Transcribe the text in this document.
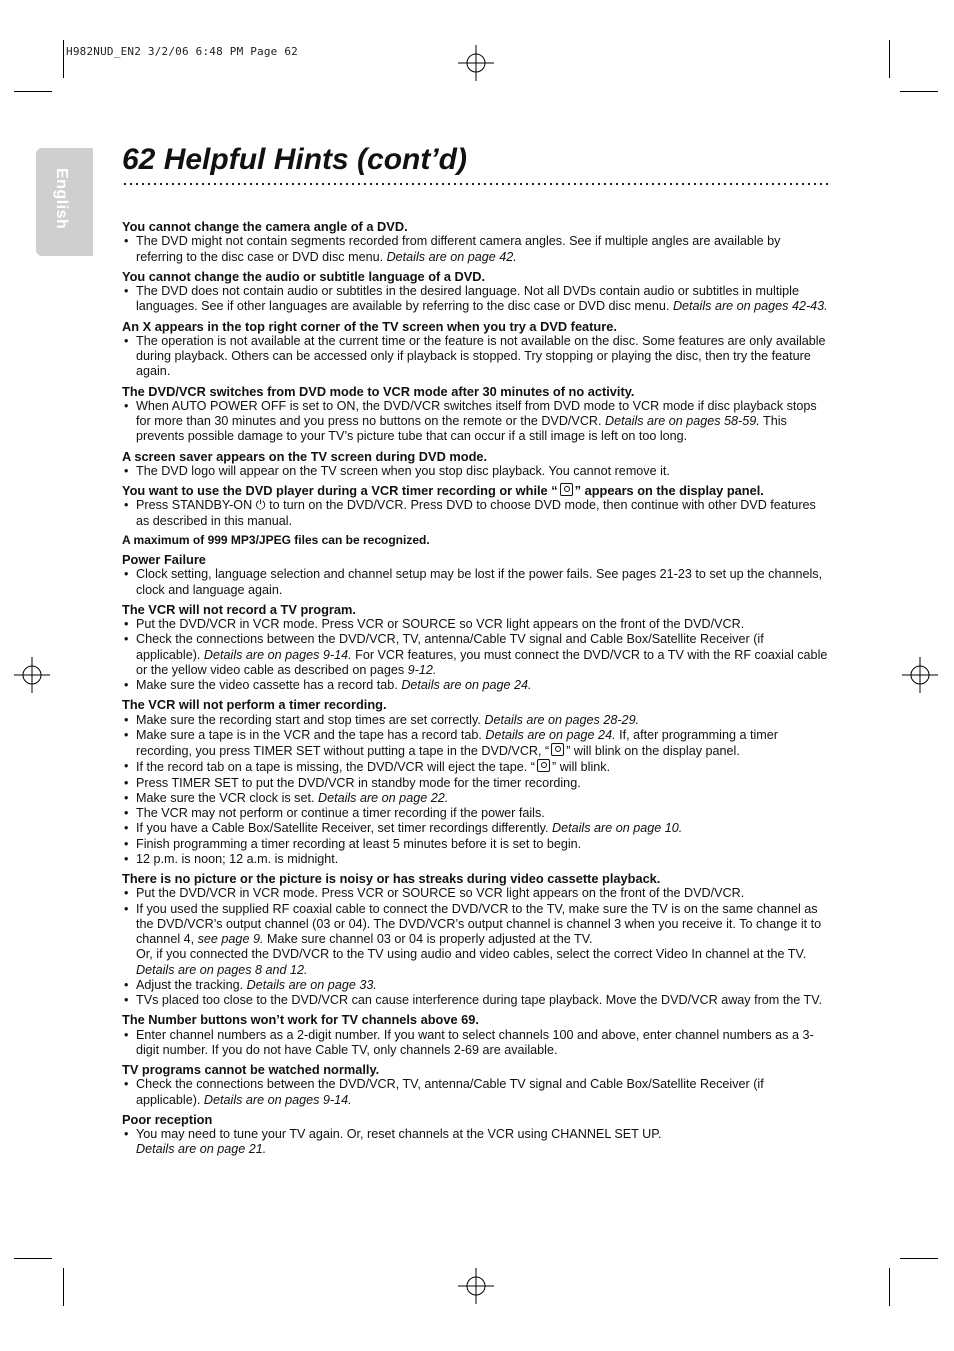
H982NUD_EN2 3/2/06 6:48 PM Page 62
English
62 Helpful Hints (cont’d)

You cannot change the camera angle of a DVD.

• The DVD might not contain segments recorded from different camera angles. See if multiple angles are available by referring to the disc case or DVD disc menu. Details are on page 42.

You cannot change the audio or subtitle language of a DVD.

• The DVD does not contain audio or subtitles in the desired language. Not all DVDs contain audio or subtitles in multiple languages. See if other languages are available by referring to the disc case or DVD disc menu. Details are on pages 42-43.

An X appears in the top right corner of the TV screen when you try a DVD feature.

• The operation is not available at the current time or the feature is not available on the disc. Some features are only available during playback. Others can be accessed only if playback is stopped. Try stopping or playing the disc, then try the feature again.

The DVD/VCR switches from DVD mode to VCR mode after 30 minutes of no activity.

• When AUTO POWER OFF is set to ON, the DVD/VCR switches itself from DVD mode to VCR mode if disc playback stops for more than 30 minutes and you press no buttons on the remote or the DVD/VCR. Details are on pages 58-59. This prevents possible damage to your TV’s picture tube that can occur if a still image is left on too long.

A screen saver appears on the TV screen during DVD mode.

• The DVD logo will appear on the TV screen when you stop disc playback. You cannot remove it.

You want to use the DVD player during a VCR timer recording or while “ ” appears on the display panel.

• Press STANDBY-ON ⏻ to turn on the DVD/VCR. Press DVD to choose DVD mode, then continue with other DVD features as described in this manual.

A maximum of 999 MP3/JPEG files can be recognized.

Power Failure

• Clock setting, language selection and channel setup may be lost if the power fails. See pages 21-23 to set up the channels, clock and language again.

The VCR will not record a TV program.

• Put the DVD/VCR in VCR mode. Press VCR or SOURCE so VCR light appears on the front of the DVD/VCR.
• Check the connections between the DVD/VCR, TV, antenna/Cable TV signal and Cable Box/Satellite Receiver (if applicable). Details are on pages 9-14. For VCR features, you must connect the DVD/VCR to a TV with the RF coaxial cable or the yellow video cable as described on pages 9-12.
• Make sure the video cassette has a record tab. Details are on page 24.

The VCR will not perform a timer recording.

• Make sure the recording start and stop times are set correctly. Details are on pages 28-29.
• Make sure a tape is in the VCR and the tape has a record tab. Details are on page 24. If, after programming a timer recording, you press TIMER SET without putting a tape in the DVD/VCR, “ ” will blink on the display panel.
• If the record tab on a tape is missing, the DVD/VCR will eject the tape. “ ” will blink.
• Press TIMER SET to put the DVD/VCR in standby mode for the timer recording.
• Make sure the VCR clock is set. Details are on page 22.
• The VCR may not perform or continue a timer recording if the power fails.
• If you have a Cable Box/Satellite Receiver, set timer recordings differently. Details are on page 10.
• Finish programming a timer recording at least 5 minutes before it is set to begin.
• 12 p.m. is noon; 12 a.m. is midnight.

There is no picture or the picture is noisy or has streaks during video cassette playback.

• Put the DVD/VCR in VCR mode. Press VCR or SOURCE so VCR light appears on the front of the DVD/VCR.
• If you used the supplied RF coaxial cable to connect the DVD/VCR to the TV, make sure the TV is on the same channel as the DVD/VCR’s output channel (03 or 04). The DVD/VCR’s output channel is channel 3 when you receive it. To change it to channel 4, see page 9. Make sure channel 03 or 04 is properly adjusted at the TV.
Or, if you connected the DVD/VCR to the TV using audio and video cables, select the correct Video In channel at the TV. Details are on pages 8 and 12.
• Adjust the tracking. Details are on page 33.
• TVs placed too close to the DVD/VCR can cause interference during tape playback. Move the DVD/VCR away from the TV.

The Number buttons won’t work for TV channels above 69.

• Enter channel numbers as a 2-digit number. If you want to select channels 100 and above, enter channel numbers as a 3-digit number. If you do not have Cable TV, only channels 2-69 are available.

TV programs cannot be watched normally.

• Check the connections between the DVD/VCR, TV, antenna/Cable TV signal and Cable Box/Satellite Receiver (if applicable). Details are on pages 9-14.

Poor reception

• You may need to tune your TV again. Or, reset channels at the VCR using CHANNEL SET UP.
Details are on page 21.
